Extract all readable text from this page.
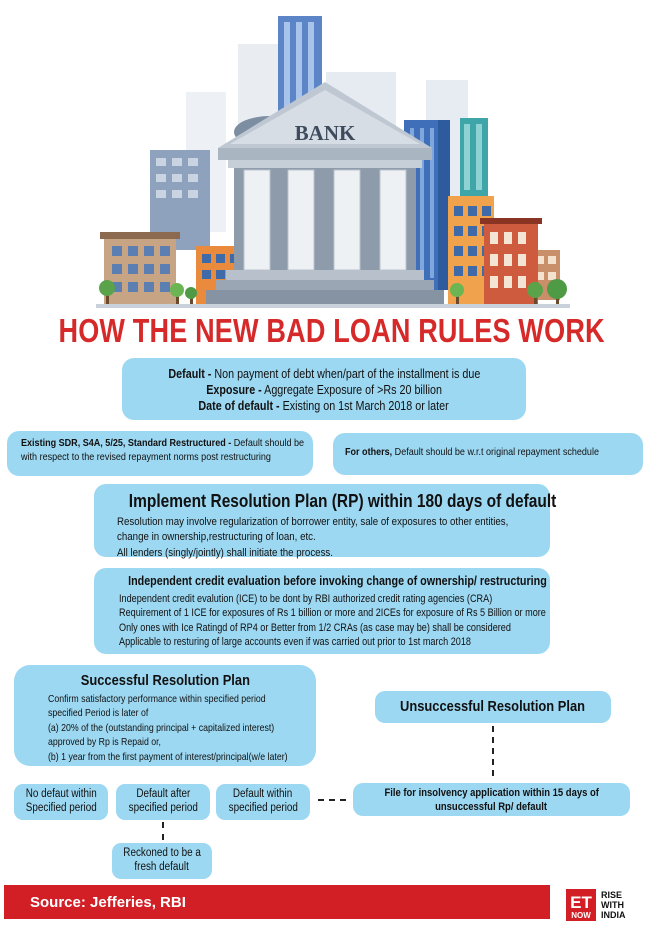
BANK
HOW THE NEW BAD LOAN RULES WORK
Default - Non payment of debt when/part of the installment is due
Exposure - Aggregate Exposure of >Rs 20 billion
Date of default - Existing on 1st March 2018 or later
Existing SDR, S4A, 5/25, Standard Restructured - Default should be
with respect to the revised repayment norms post restructuring	For others, Default should be w.r.t original repayment schedule
Implement Resolution Plan (RP) within 180 days of default
Resolution may involve regularization of borrower entity, sale of exposures to other entities,
change in ownership,restructuring of loan, etc.
All lenders (singly/jointly) shall initiate the process.
Independent credit evaluation before invoking change of ownership/ restructuring
Independent credit evalution (ICE) to be dont by RBI authorized credit rating agencies (CRA)
Requirement of 1 ICE for exposures of Rs 1 billion or more and 2ICEs for exposure of Rs 5 Billion or more
Only ones with Ice Ratingd of RP4 or Better from 1/2 CRAs (as case may be) shall be considered
Applicable to resturing of large accounts even if was carried out prior to 1st march 2018
Successful Resolution Plan
Confirm satisfactory performance within specified period
specified Period is later of
(a) 20% of the (outstanding principal + capitalized interest)
approved by Rp is Repaid or,
(b) 1 year from the first payment of interest/principal(w/e later)
Unsuccessful Resolution Plan
No defaut within
Specified period
Default after
specified period
Default within
specified period
Reckoned to be a
fresh default
File for insolvency application within 15 days of
unsuccessful Rp/ default
Source: Jefferies, RBI	ET
NOW
RISE
WITH
INDIA
